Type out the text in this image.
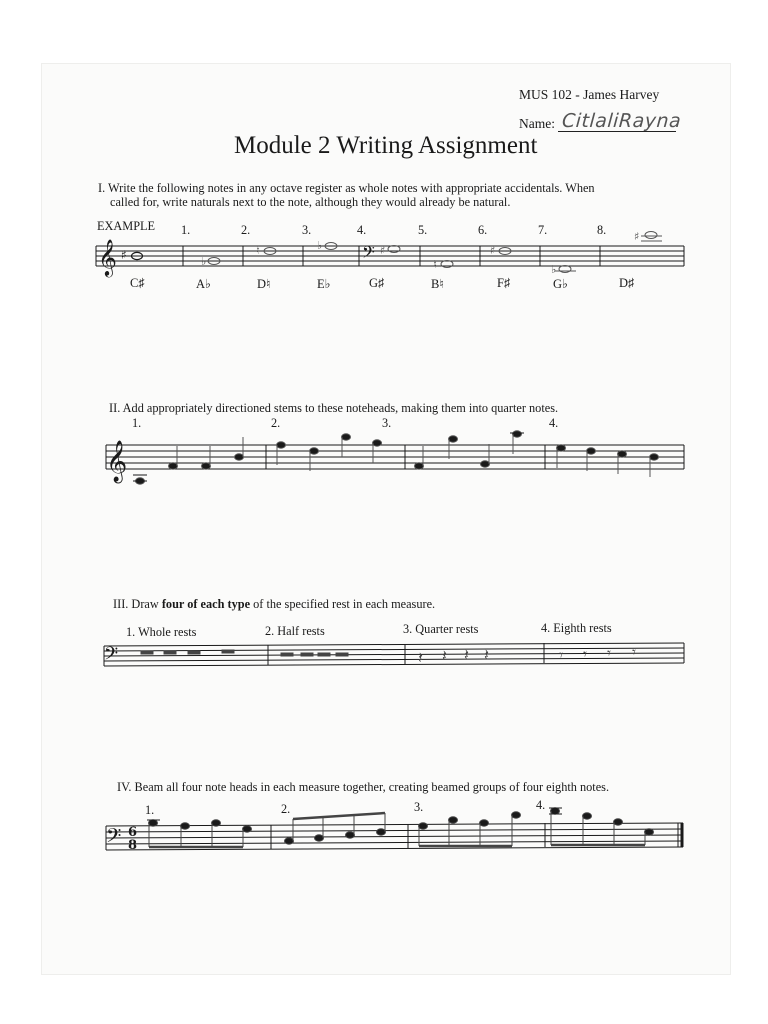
MUS 102 - James Harvey
Name: CitlaliRayna
Module 2 Writing Assignment
I. Write the following notes in any octave register as whole notes with appropriate accidentals. When
called for, write naturals next to the note, although they would already be natural.
EXAMPLE 1.	2.	3.	4.	5.	6.	7.	8.
C♯	A♭	D♮	E♭	G♯	B♮	F♯	G♭	D♯
II. Add appropriately directioned stems to these noteheads, making them into quarter notes.
1.	2.	3.	4.
III. Draw four of each type of the specified rest in each measure.
1. Whole rests	2. Half rests	3. Quarter rests	4. Eighth rests
IV. Beam all four note heads in each measure together, creating beamed groups of four eighth notes.
1.	2.	3.	4.
𝄞 ♯	♭
♮	♭	♯
♮
♯
♭
♯
𝄢
𝄞
𝄢	𝄽 𝄽 𝄽 𝄽	𝄾 𝄾 𝄾 𝄾
𝄢 6
8
